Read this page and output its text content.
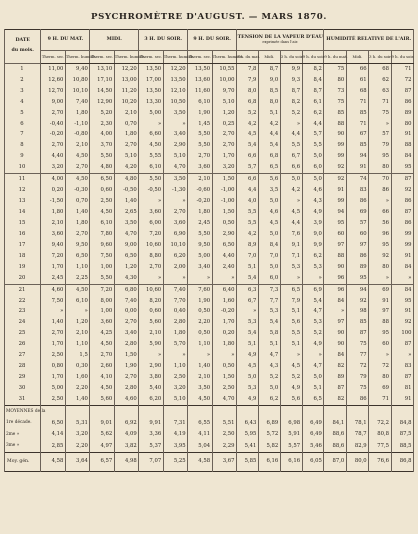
PSYCHROMÈTRE D'AUGUST. — MARS 1870.
DATE

du mois.	9 H. DU MAT.		MIDI.		3 H. DU SOIR.		9 H. DU SOIR.		TENSION DE LA VAPEUR D'EAU
exprimée dans l'air.				HUMIDITÉ RELATIVE DE L'AIR.			
	Therm. sec.	Therm. humide.	Therm. sec.	Therm. humide.	Therm. sec.	Therm. humide.	Therm. sec.	Therm. humide.	9 h. du mat.	Midi.	3 h. du soir.	9 h. du soir.	9 h. du mat.	Midi.	3 h. du soir.	9 h. du soir.
1	11,00	9,40	13,10	12,20	13,50	12,20	13,50	10,55	7,8	8,7	9,9	8,2	75	66	68	71
2	12,60	10,80	17,10	13,00	17,00	13,50	13,60	10,00	7,9	9,0	9,3	8,4	80	61	62	72
3	12,70	10,10	14,50	11,20	13,50	12,10	11,60	9,70	8,0	8,5	8,7	8,7	73	68	63	87
4	9,00	7,40	12,90	10,20	13,30	10,50	6,10	5,10	6,8	8,0	8,2	6,1	75	71	71	86
5	2,70	1,80	5,20	2,10	5,00	3,50	1,90	1,20	5,2	5,1	5,2	6,2	85	85	75	89
6	-0,40	-1,10	2,30	0,70	»	»	1,45	0,25	4,2	4,2	»	4,4	88	71	»	80
7	-0,20	-0,80	4,00	1,80	6,60	3,40	5,50	2,70	4,5	4,4	4,4	5,7	90	67	57	91
8	2,70	2,10	3,70	2,70	4,50	2,90	5,50	2,70	5,4	5,4	5,5	5,5	99	85	79	88
9	4,40	4,50	5,50	5,10	5,55	5,10	2,70	1,70	6,6	6,8	6,7	5,0	99	94	95	84
10	3,20	2,70	4,80	4,20	6,10	4,70	3,60	3,20	5,7	6,5	6,6	6,0	92	91	80	95
11	4,00	4,50	6,50	4,80	5,50	3,50	2,10	1,50	6,6	5,6	5,0	5,0	92	74	70	87
12	0,20	-0,30	0,60	-0,50	-0,50	-1,30	-0,60	-1,00	4,4	3,5	4,2	4,6	91	83	86	92
13	-1,50	0,70	2,50	1,40	»	»	-0,20	-1,00	4,0	5,0	»	4,3	99	86	»	86
14	1,80	1,40	4,50	2,65	3,60	2,70	1,80	1,50	5,5	4,6	4,5	4,9	94	69	66	87
15	2,10	1,80	6,10	3,50	6,00	3,60	2,45	0,50	5,5	4,5	4,4	3,9	95	57	56	86
16	3,60	2,70	7,80	4,70	7,20	6,90	5,50	2,90	4,2	5,0	7,6	9,0	60	60	96	99
17	9,40	9,50	9,60	9,00	10,60	10,10	9,50	6,50	8,9	8,4	9,1	9,9	97	97	95	99
18	7,20	6,50	7,50	6,50	8,80	6,20	5,00	4,40	7,0	7,0	7,1	6,2	88	86	92	91
19	1,70	1,10	1,00	1,20	2,70	2,00	3,40	2,40	5,1	5,0	5,3	5,3	90	89	80	84
20	2,45	2,25	5,50	4,30	»	»	»	»	5,4	6,0	»	»	96	95	»	»
21	4,60	4,50	7,20	6,80	10,60	7,40	7,60	6,40	6,3	7,3	6,5	6,9	96	94	69	84
22	7,50	6,10	8,00	7,40	8,20	7,70	1,90	1,60	6,7	7,7	7,9	5,4	84	92	91	95
23	»	»	1,00	0,00	0,60	0,40	0,50	-0,20	»	5,3	5,1	4,7	»	98	97	91
24	1,40	1,20	3,60	2,70	5,60	2,80	2,20	1,70	5,3	5,4	5,6	5,3	97	85	88	92
25	2,70	2,10	4,25	3,40	2,10	1,80	0,50	0,20	5,4	5,8	5,5	5,2	90	87	95	100
26	1,70	1,10	4,50	2,80	5,90	5,70	1,10	1,80	5,1	5,1	5,1	4,9	90	75	60	87
27	2,50	1,5	2,70	1,50	»	»	»	»	4,9	4,7	»	»	84	77	»	»
28	0,80	0,30	2,60	1,90	2,90	1,10	1,40	0,50	4,5	4,3	4,5	4,7	82	72	72	83
29	1,70	1,60	4,10	2,70	3,80	2,50	2,10	1,50	5,0	5,2	5,2	5,0	89	79	80	87
30	5,00	2,20	4,50	2,80	5,40	3,20	3,50	2,50	5,3	5,0	4,9	5,1	87	75	69	81
31	2,50	1,40	5,60	4,60	6,20	5,10	4,50	4,70	4,9	6,2	5,6	6,5	82	86	71	91
MOYENNES de la																
1re décade.	6,50	5,31	9,01	6,92	9,91	7,31	6,55	5,51	6,43	6,89	6,98	6,49	84,1	78,1	72,2	84,8
2me »	4,14	3,20	5,62	4,09	3,36	4,19	4,11	2,50	5,95	5,72	5,91	6,49	88,6	78,7	80,8	87,5
3me »	2,85	2,20	4,97	3,82	5,37	3,95	5,04	2,29	5,41	5,82	5,57	5,46	88,6	82,9	77,5	88,5
Moy. gén.	4,58	3,64	6,57	4,98	7,07	5,25	4,58	3,67	5,85	6,16	6,16	6,05	87,0	80,0	76,6	86,8
